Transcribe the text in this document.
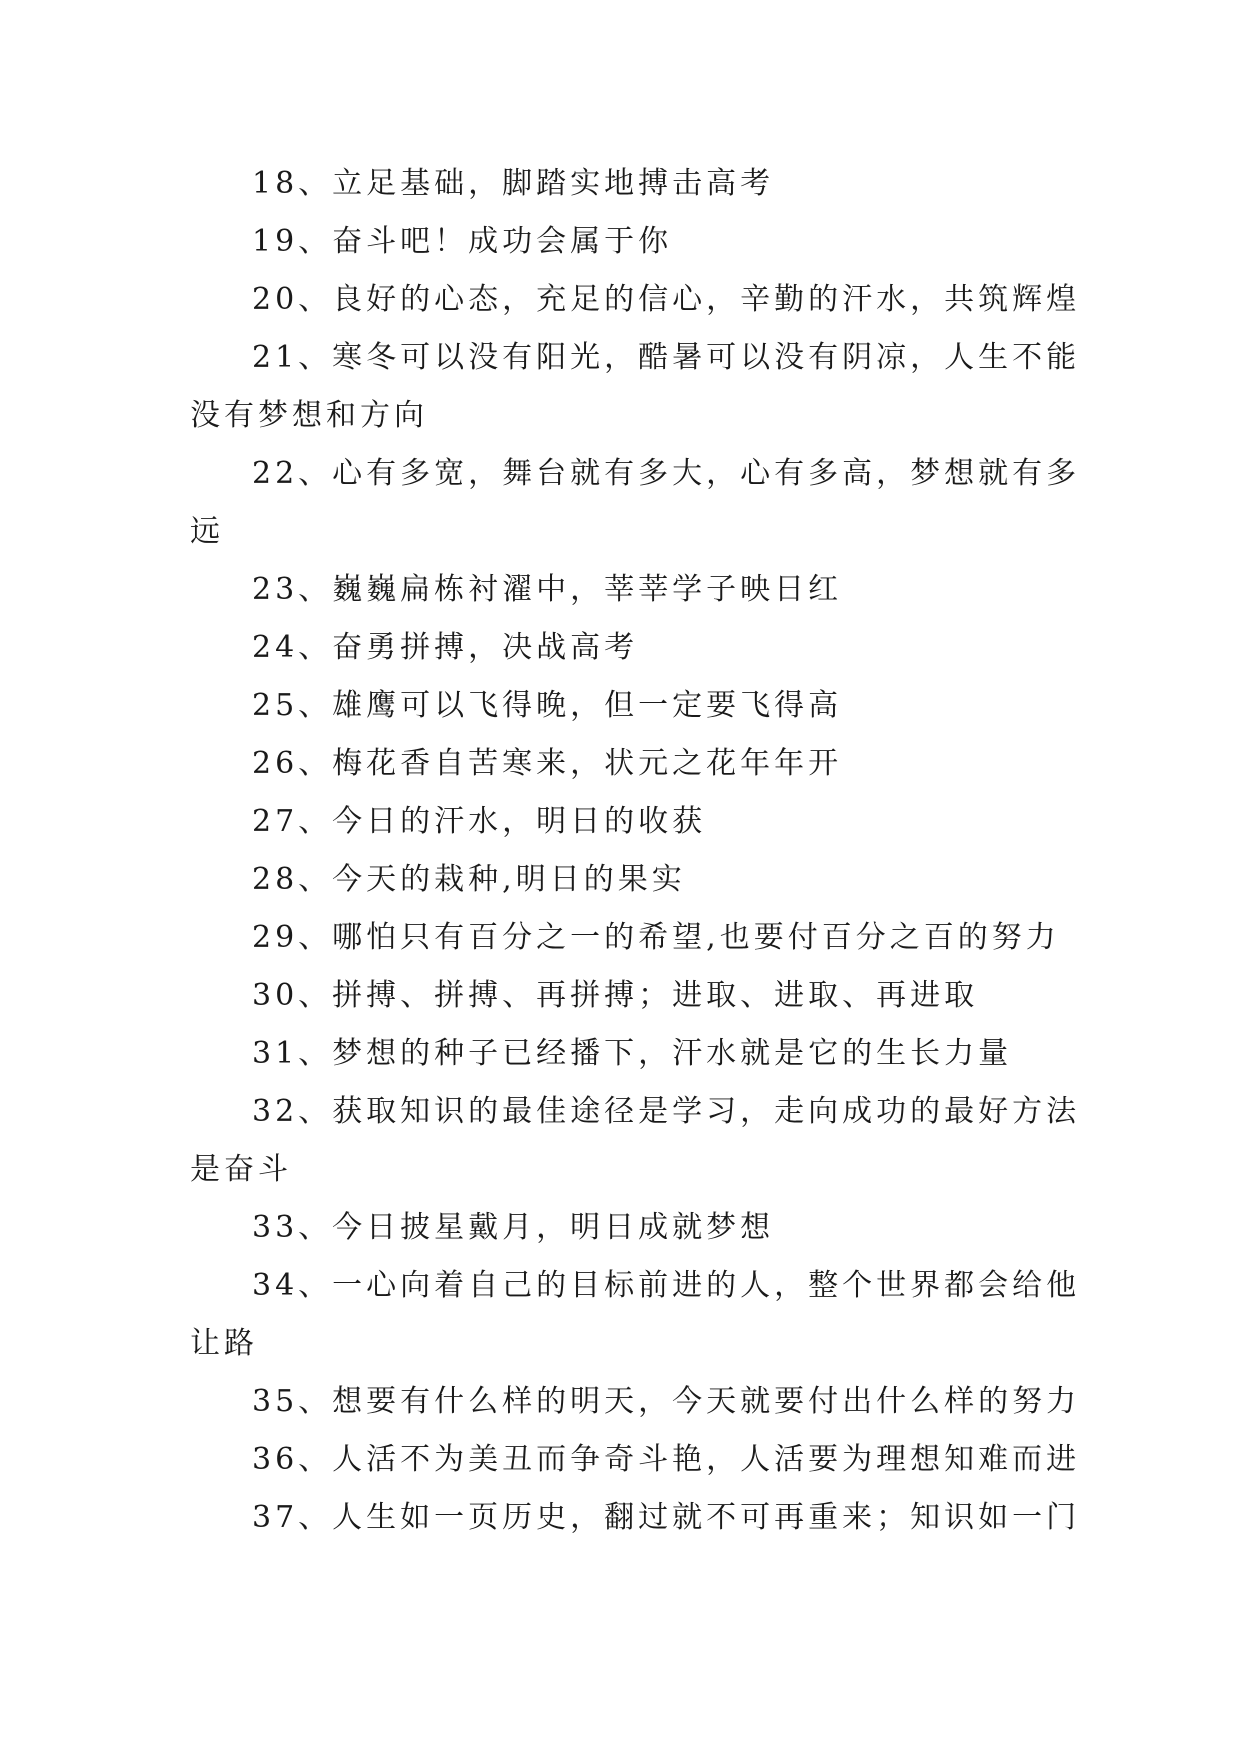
18、立足基础，脚踏实地搏击高考

19、奋斗吧！成功会属于你

20、良好的心态，充足的信心，辛勤的汗水，共筑辉煌

21、寒冬可以没有阳光，酷暑可以没有阴凉，人生不能

没有梦想和方向

22、心有多宽，舞台就有多大，心有多高，梦想就有多

远

23、巍巍扁栋衬濯中，莘莘学子映日红

24、奋勇拼搏，决战高考

25、雄鹰可以飞得晚，但一定要飞得高

26、梅花香自苦寒来，状元之花年年开

27、今日的汗水，明日的收获

28、今天的栽种,明日的果实

29、哪怕只有百分之一的希望,也要付百分之百的努力

30、拼搏、拼搏、再拼搏；进取、进取、再进取

31、梦想的种子已经播下，汗水就是它的生长力量

32、获取知识的最佳途径是学习，走向成功的最好方法

是奋斗

33、今日披星戴月，明日成就梦想

34、一心向着自己的目标前进的人，整个世界都会给他

让路

35、想要有什么样的明天，今天就要付出什么样的努力

36、人活不为美丑而争奇斗艳，人活要为理想知难而进

37、人生如一页历史，翻过就不可再重来；知识如一门
